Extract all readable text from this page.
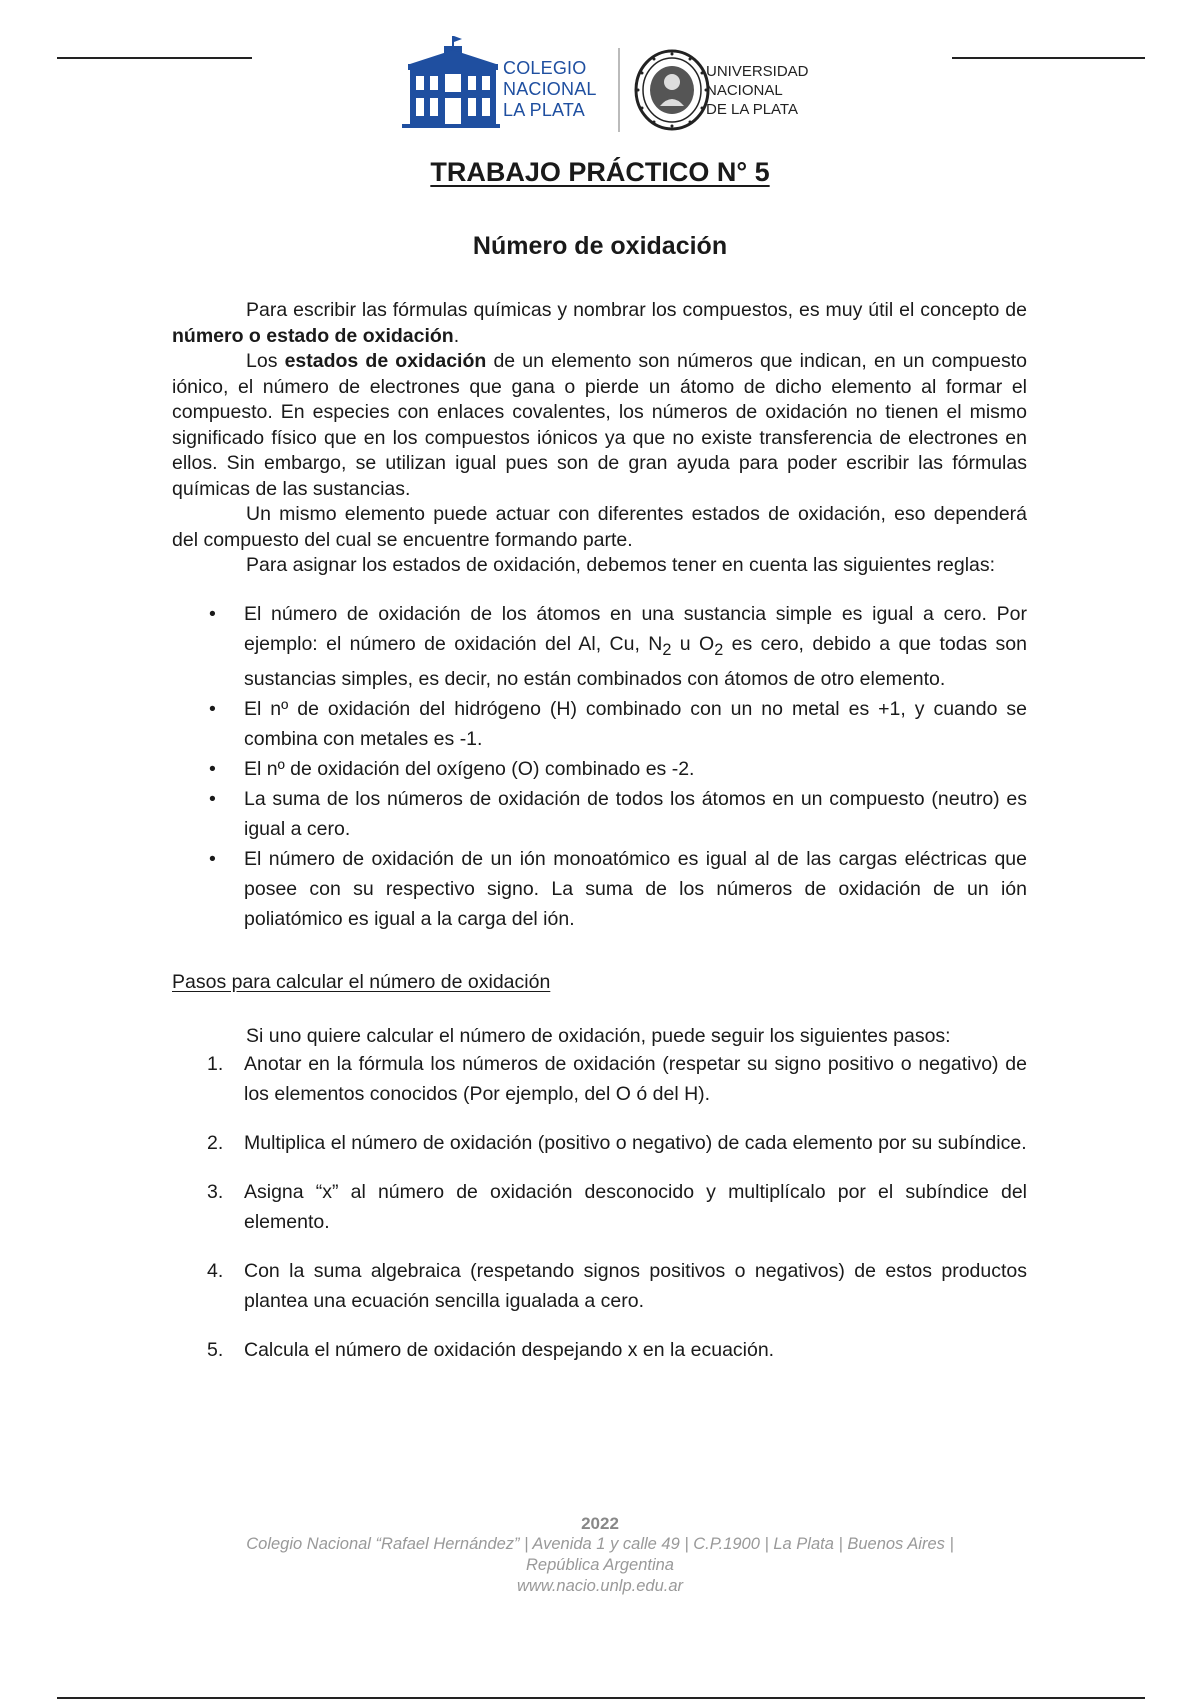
COLEGIO
NACIONAL
LA PLATA
UNIVERSIDAD
NACIONAL
DE LA PLATA
TRABAJO PRÁCTICO N° 5
Número de oxidación

Para escribir las fórmulas químicas y nombrar los compuestos, es muy útil el concepto de número o estado de oxidación.

Los estados de oxidación de un elemento son números que indican, en un compuesto iónico, el número de electrones que gana o pierde un átomo de dicho elemento al formar el compuesto. En especies con enlaces covalentes, los números de oxidación no tienen el mismo significado físico que en los compuestos iónicos ya que no existe transferencia de electrones en ellos. Sin embargo, se utilizan igual pues son de gran ayuda para poder escribir las fórmulas químicas de las sustancias.

Un mismo elemento puede actuar con diferentes estados de oxidación, eso dependerá del compuesto del cual se encuentre formando parte.

Para asignar los estados de oxidación, debemos tener en cuenta las siguientes reglas:

• El número de oxidación de los átomos en una sustancia simple es igual a cero. Por ejemplo: el número de oxidación del Al, Cu, $N_2$ u $O_2$ es cero, debido a que todas son sustancias simples, es decir, no están combinados con átomos de otro elemento.
• El nº de oxidación del hidrógeno (H) combinado con un no metal es +1, y cuando se combina con metales es -1.
• El nº de oxidación del oxígeno (O) combinado es -2.
• La suma de los números de oxidación de todos los átomos en un compuesto (neutro) es igual a cero.
• El número de oxidación de un ión monoatómico es igual al de las cargas eléctricas que posee con su respectivo signo. La suma de los números de oxidación de un ión poliatómico es igual a la carga del ión.

Pasos para calcular el número de oxidación

Si uno quiere calcular el número de oxidación, puede seguir los siguientes pasos:

1. Anotar en la fórmula los números de oxidación (respetar su signo positivo o negativo) de los elementos conocidos (Por ejemplo, del O ó del H).
2. Multiplica el número de oxidación (positivo o negativo) de cada elemento por su subíndice.
3. Asigna “x” al número de oxidación desconocido y multiplícalo por el subíndice del elemento.
4. Con la suma algebraica (respetando signos positivos o negativos) de estos productos plantea una ecuación sencilla igualada a cero.
5. Calcula el número de oxidación despejando x en la ecuación.
2022
Colegio Nacional “Rafael Hernández” | Avenida 1 y calle 49 | C.P.1900 | La Plata | Buenos Aires |
República Argentina
www.nacio.unlp.edu.ar
